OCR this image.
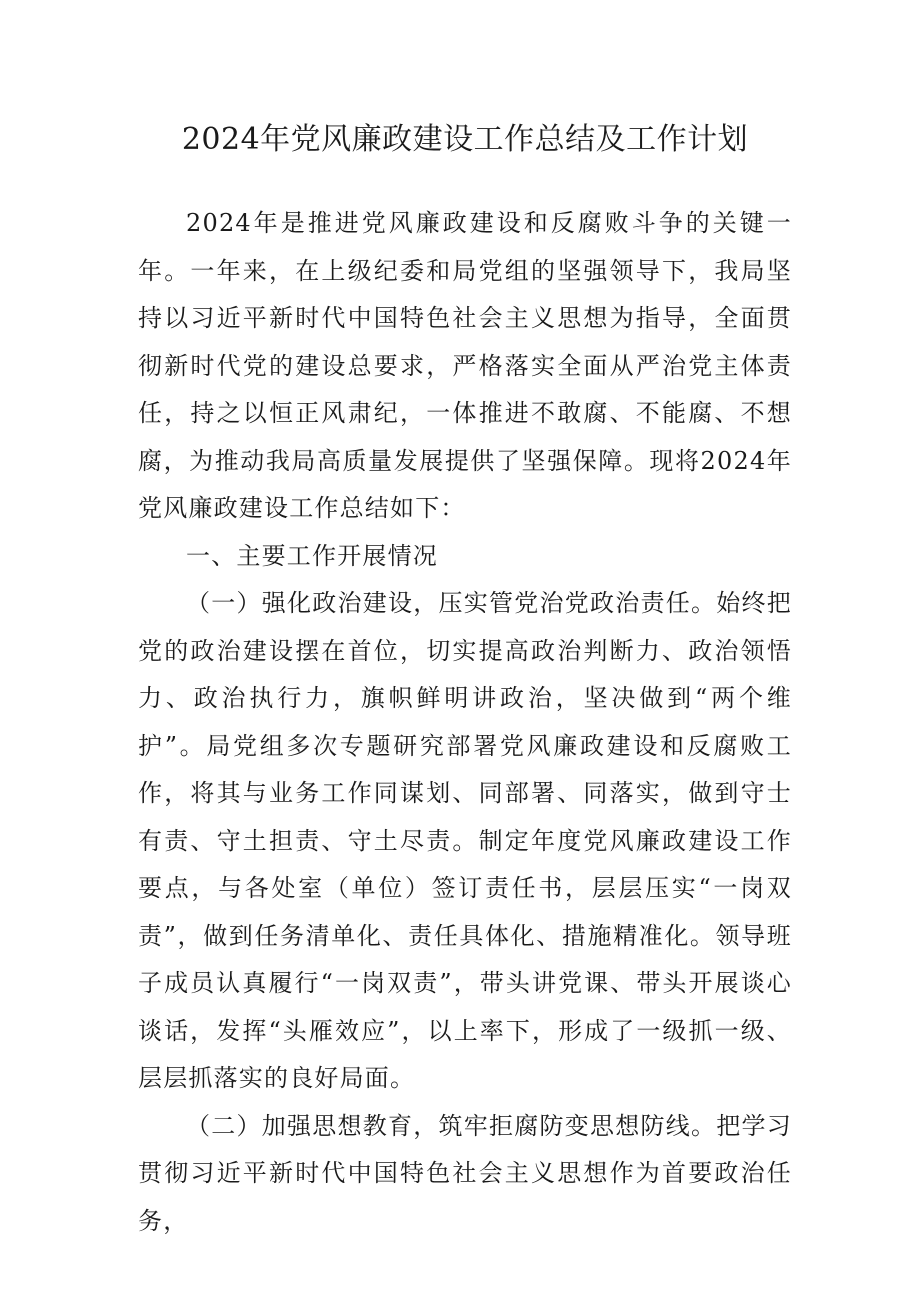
2024年党风廉政建设工作总结及工作计划

2024年是推进党风廉政建设和反腐败斗争的关键一年。一年来，在上级纪委和局党组的坚强领导下，我局坚持以习近平新时代中国特色社会主义思想为指导，全面贯彻新时代党的建设总要求，严格落实全面从严治党主体责任，持之以恒正风肃纪，一体推进不敢腐、不能腐、不想腐，为推动我局高质量发展提供了坚强保障。现将2024年党风廉政建设工作总结如下：

一、主要工作开展情况

（一）强化政治建设，压实管党治党政治责任。始终把党的政治建设摆在首位，切实提高政治判断力、政治领悟力、政治执行力，旗帜鲜明讲政治，坚决做到“两个维护”。局党组多次专题研究部署党风廉政建设和反腐败工作，将其与业务工作同谋划、同部署、同落实，做到守士有责、守土担责、守土尽责。制定年度党风廉政建设工作要点，与各处室（单位）签订责任书，层层压实“一岗双责”，做到任务清单化、责任具体化、措施精准化。领导班子成员认真履行“一岗双责”，带头讲党课、带头开展谈心谈话，发挥“头雁效应”，以上率下，形成了一级抓一级、层层抓落实的良好局面。

（二）加强思想教育，筑牢拒腐防变思想防线。把学习贯彻习近平新时代中国特色社会主义思想作为首要政治任务，
